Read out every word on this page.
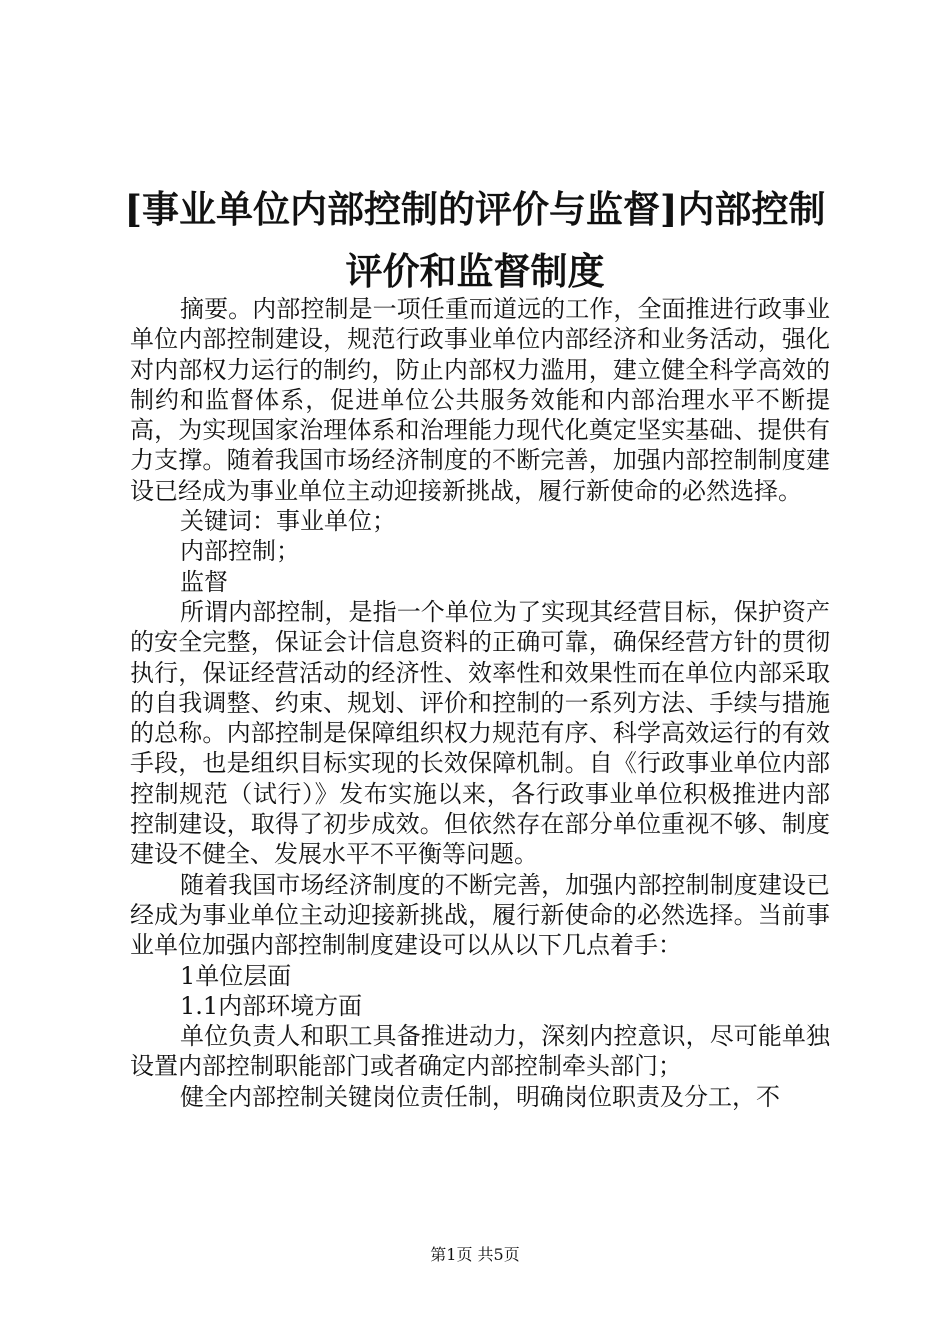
[事业单位内部控制的评价与监督]内部控制评价和监督制度

摘要。内部控制是一项任重而道远的工作，全面推进行政事业单位内部控制建设，规范行政事业单位内部经济和业务活动，强化对内部权力运行的制约，防止内部权力滥用，建立健全科学高效的制约和监督体系，促进单位公共服务效能和内部治理水平不断提高，为实现国家治理体系和治理能力现代化奠定坚实基础、提供有力支撑。随着我国市场经济制度的不断完善，加强内部控制制度建设已经成为事业单位主动迎接新挑战，履行新使命的必然选择。

关键词：事业单位；

内部控制；

监督

所谓内部控制，是指一个单位为了实现其经营目标，保护资产的安全完整，保证会计信息资料的正确可靠，确保经营方针的贯彻执行，保证经营活动的经济性、效率性和效果性而在单位内部采取的自我调整、约束、规划、评价和控制的一系列方法、手续与措施的总称。内部控制是保障组织权力规范有序、科学高效运行的有效手段，也是组织目标实现的长效保障机制。自《行政事业单位内部控制规范（试行）》发布实施以来，各行政事业单位积极推进内部控制建设，取得了初步成效。但依然存在部分单位重视不够、制度建设不健全、发展水平不平衡等问题。

随着我国市场经济制度的不断完善，加强内部控制制度建设已经成为事业单位主动迎接新挑战，履行新使命的必然选择。当前事业单位加强内部控制制度建设可以从以下几点着手：

1单位层面

1.1内部环境方面

单位负责人和职工具备推进动力，深刻内控意识，尽可能单独设置内部控制职能部门或者确定内部控制牵头部门；

健全内部控制关键岗位责任制，明确岗位职责及分工，不

第1页 共5页
